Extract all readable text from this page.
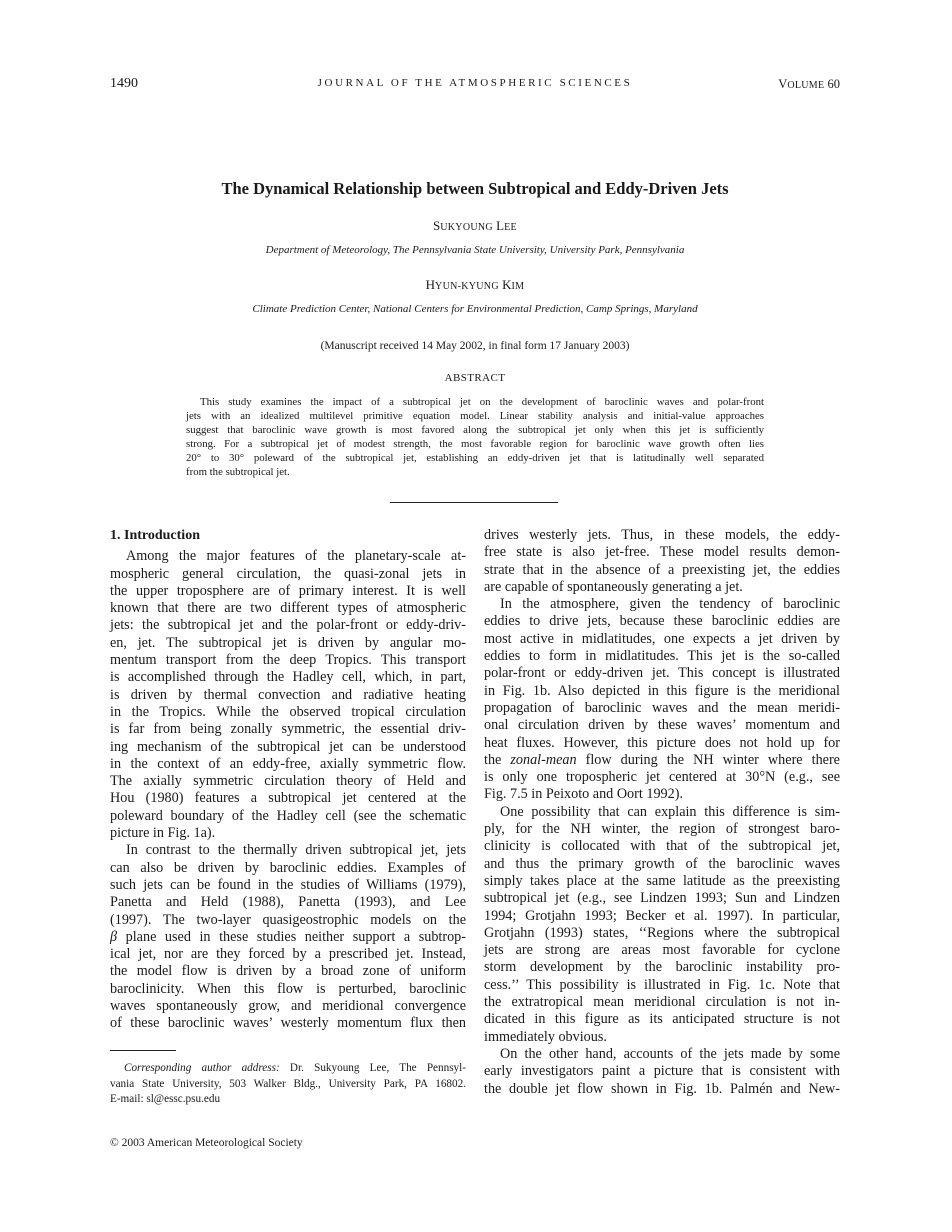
1490	JOURNAL OF THE ATMOSPHERIC SCIENCES	VOLUME 60
The Dynamical Relationship between Subtropical and Eddy-Driven Jets
SUKYOUNG LEE
Department of Meteorology, The Pennsylvania State University, University Park, Pennsylvania
HYUN-KYUNG KIM
Climate Prediction Center, National Centers for Environmental Prediction, Camp Springs, Maryland
(Manuscript received 14 May 2002, in final form 17 January 2003)
ABSTRACT
This study examines the impact of a subtropical jet on the development of baroclinic waves and polar-front
jets with an idealized multilevel primitive equation model. Linear stability analysis and initial-value approaches
suggest that baroclinic wave growth is most favored along the subtropical jet only when this jet is sufficiently
strong. For a subtropical jet of modest strength, the most favorable region for baroclinic wave growth often lies
20° to 30° poleward of the subtropical jet, establishing an eddy-driven jet that is latitudinally well separated
from the subtropical jet.
1. Introduction
Among the major features of the planetary-scale at-
mospheric general circulation, the quasi-zonal jets in
the upper troposphere are of primary interest. It is well
known that there are two different types of atmospheric
jets: the subtropical jet and the polar-front or eddy-driv-
en, jet. The subtropical jet is driven by angular mo-
mentum transport from the deep Tropics. This transport
is accomplished through the Hadley cell, which, in part,
is driven by thermal convection and radiative heating
in the Tropics. While the observed tropical circulation
is far from being zonally symmetric, the essential driv-
ing mechanism of the subtropical jet can be understood
in the context of an eddy-free, axially symmetric flow.
The axially symmetric circulation theory of Held and
Hou (1980) features a subtropical jet centered at the
poleward boundary of the Hadley cell (see the schematic
picture in Fig. 1a).
In contrast to the thermally driven subtropical jet, jets
can also be driven by baroclinic eddies. Examples of
such jets can be found in the studies of Williams (1979),
Panetta and Held (1988), Panetta (1993), and Lee
(1997). The two-layer quasigeostrophic models on the
β plane used in these studies neither support a subtrop-
ical jet, nor are they forced by a prescribed jet. Instead,
the model flow is driven by a broad zone of uniform
baroclinicity. When this flow is perturbed, baroclinic
waves spontaneously grow, and meridional convergence
of these baroclinic waves’ westerly momentum flux then
drives westerly jets. Thus, in these models, the eddy-
free state is also jet-free. These model results demon-
strate that in the absence of a preexisting jet, the eddies
are capable of spontaneously generating a jet.
In the atmosphere, given the tendency of baroclinic
eddies to drive jets, because these baroclinic eddies are
most active in midlatitudes, one expects a jet driven by
eddies to form in midlatitudes. This jet is the so-called
polar-front or eddy-driven jet. This concept is illustrated
in Fig. 1b. Also depicted in this figure is the meridional
propagation of baroclinic waves and the mean meridi-
onal circulation driven by these waves’ momentum and
heat fluxes. However, this picture does not hold up for
the zonal-mean flow during the NH winter where there
is only one tropospheric jet centered at 30°N (e.g., see
Fig. 7.5 in Peixoto and Oort 1992).
One possibility that can explain this difference is sim-
ply, for the NH winter, the region of strongest baro-
clinicity is collocated with that of the subtropical jet,
and thus the primary growth of the baroclinic waves
simply takes place at the same latitude as the preexisting
subtropical jet (e.g., see Lindzen 1993; Sun and Lindzen
1994; Grotjahn 1993; Becker et al. 1997). In particular,
Grotjahn (1993) states, ‘‘Regions where the subtropical
jets are strong are areas most favorable for cyclone
storm development by the baroclinic instability pro-
cess.’’ This possibility is illustrated in Fig. 1c. Note that
the extratropical mean meridional circulation is not in-
dicated in this figure as its anticipated structure is not
immediately obvious.
On the other hand, accounts of the jets made by some
early investigators paint a picture that is consistent with
the double jet flow shown in Fig. 1b. Palmén and New-
Corresponding author address: Dr. Sukyoung Lee, The Pennsyl-
vania State University, 503 Walker Bldg., University Park, PA 16802.
E-mail: sl@essc.psu.edu
© 2003 American Meteorological Society
